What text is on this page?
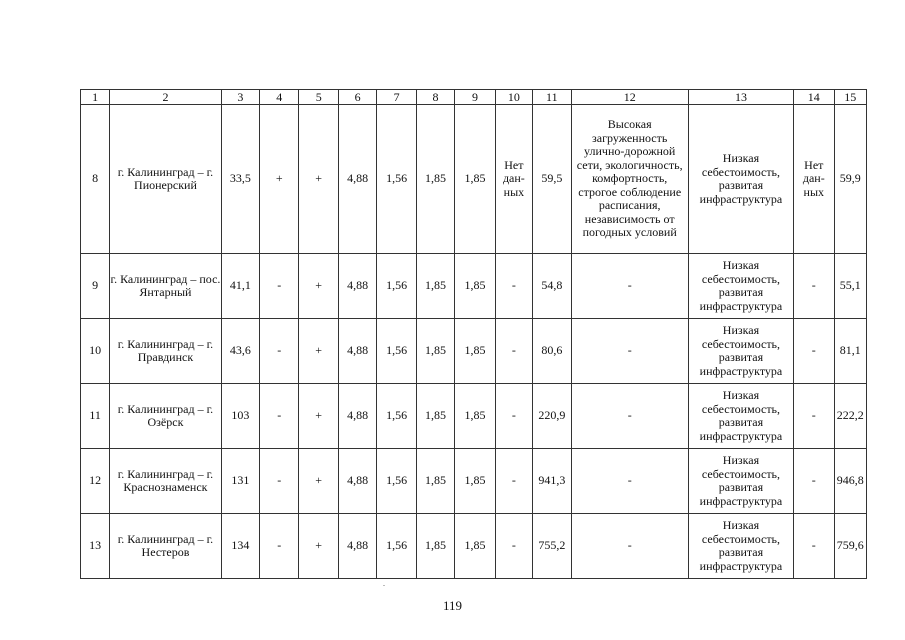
1	2	3	4	5	6	7	8	9	10	11	12	13	14	15
8	г. Калининград – г. Пионерский	33,5	+	+	4,88	1,56	1,85	1,85	Нет дан- ных	59,5	Высокая загруженность улично-дорожной сети, экологичность, комфортность, строгое соблюдение расписания, независимость от погодных условий	Низкая себестоимость, развитая инфраструктура	Нет дан- ных	59,9
9	г. Калининград – пос. Янтарный	41,1	-	+	4,88	1,56	1,85	1,85	-	54,8	-	Низкая себестоимость, развитая инфраструктура	-	55,1
10	г. Калининград – г. Правдинск	43,6	-	+	4,88	1,56	1,85	1,85	-	80,6	-	Низкая себестоимость, развитая инфраструктура	-	81,1
11	г. Калининград – г. Озёрск	103	-	+	4,88	1,56	1,85	1,85	-	220,9	-	Низкая себестоимость, развитая инфраструктура	-	222,2
12	г. Калининград – г. Краснознаменск	131	-	+	4,88	1,56	1,85	1,85	-	941,3	-	Низкая себестоимость, развитая инфраструктура	-	946,8
13	г. Калининград – г. Нестеров	134	-	+	4,88	1,56	1,85	1,85	-	755,2	-	Низкая себестоимость, развитая инфраструктура	-	759,6
119
